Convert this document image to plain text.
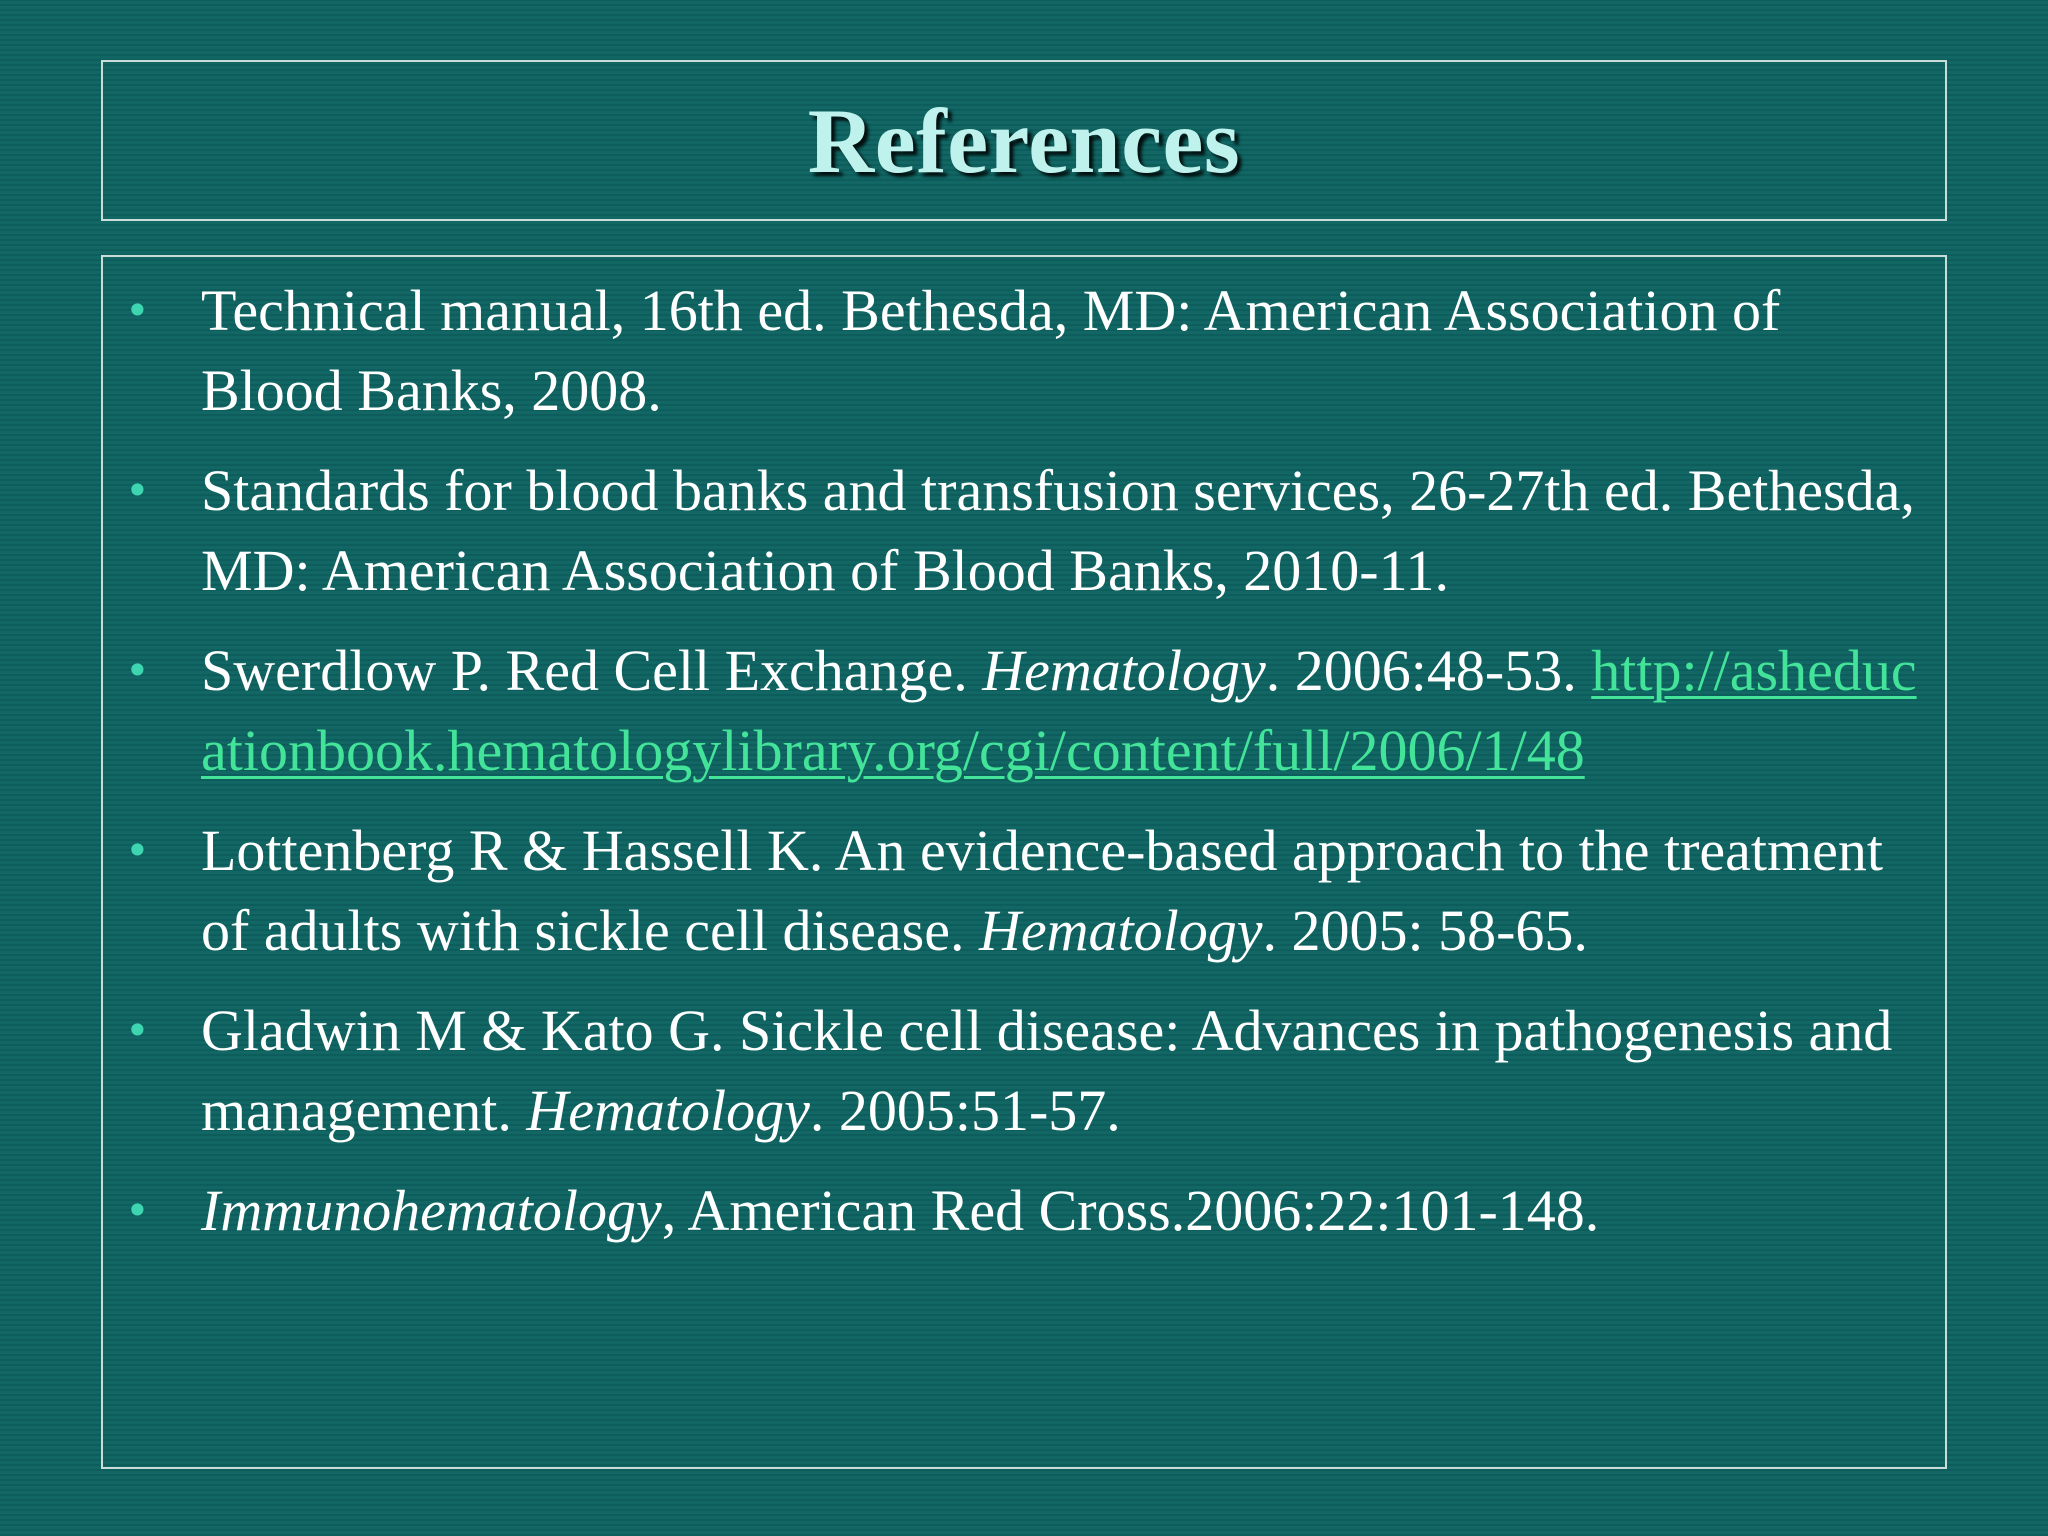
References
• Technical manual, 16th ed. Bethesda, MD: American Association of Blood Banks, 2008.
• Standards for blood banks and transfusion services, 26-27th ed. Bethesda, MD: American Association of Blood Banks, 2010-11.
• Swerdlow P. Red Cell Exchange. Hematology. 2006:48-53. http://ashеducationbook.hematologylibrary.org/cgi/content/full/2006/1/48
• Lottenberg R & Hassell K. An evidence-based approach to the treatment of adults with sickle cell disease. Hematology. 2005: 58-65.
• Gladwin M & Kato G. Sickle cell disease: Advances in pathogenesis and management. Hematology. 2005:51-57.
• Immunohematology, American Red Cross.2006:22:101-148.
